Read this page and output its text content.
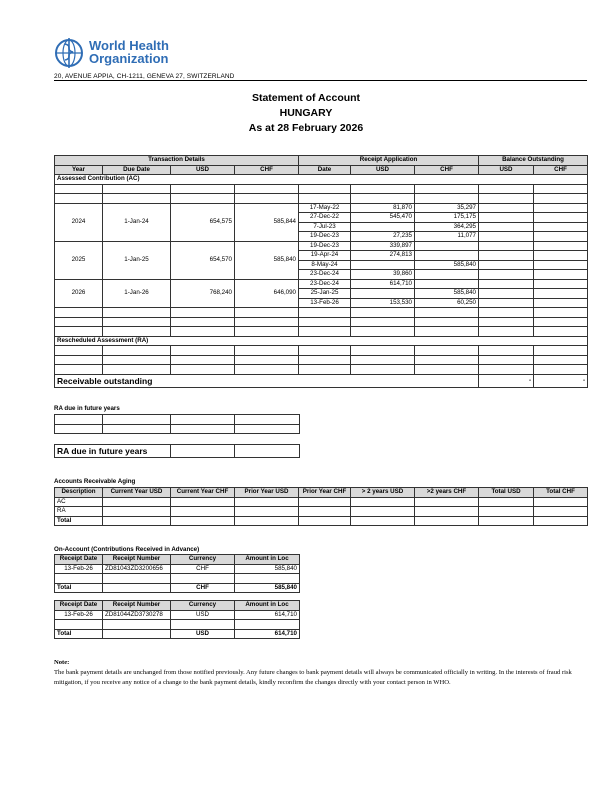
World Health
Organization
20, AVENUE APPIA, CH-1211, GENEVA 27, SWITZERLAND
Statement of Account
HUNGARY
As at 28 February 2026
Transaction Details				Receipt Application			Balance Outstanding	
Year	Due Date	USD	CHF	Date	USD	CHF	USD	CHF
Assessed Contribution (AC)								

2024	1-Jan-24	654,575	585,844	17-May-22	81,870	35,297		
				27-Dec-22	545,470	175,175		
				7-Jul-23		364,295		
				19-Dec-23	27,235	11,077		
2025	1-Jan-25	654,570	585,840	19-Dec-23	339,897			
				19-Apr-24	274,813			
				8-May-24		585,840		
				23-Dec-24	39,860			
2026	1-Jan-26	768,240	646,090	23-Dec-24	614,710			
				25-Jan-25		585,840		
				13-Feb-26	153,530	60,250		

Rescheduled Assessment (RA)								

Receivable outstanding							-	-
RA due in future years

RA due in future years		
Accounts Receivable Aging
Description	Current Year USD	Current Year CHF	Prior Year USD	Prior Year CHF	> 2 years USD	>2 years CHF	Total USD	Total CHF
AC								
RA								
Total								
On-Account (Contributions Received in Advance)
Receipt Date	Receipt Number	Currency	Amount in Loc
13-Feb-26	ZD81043ZD3200656	CHF	585,840

Total		CHF	585,840
Receipt Date	Receipt Number	Currency	Amount in Loc
13-Feb-26	ZD81044ZD3730278	USD	614,710

Total		USD	614,710
Note:
The bank payment details are unchanged from those notified previously. Any future changes to bank payment details will always be communicated officially in writing. In the interests of fraud risk mitigation, if you receive any notice of a change to the bank payment details, kindly reconfirm the changes directly with your contact person in WHO.
